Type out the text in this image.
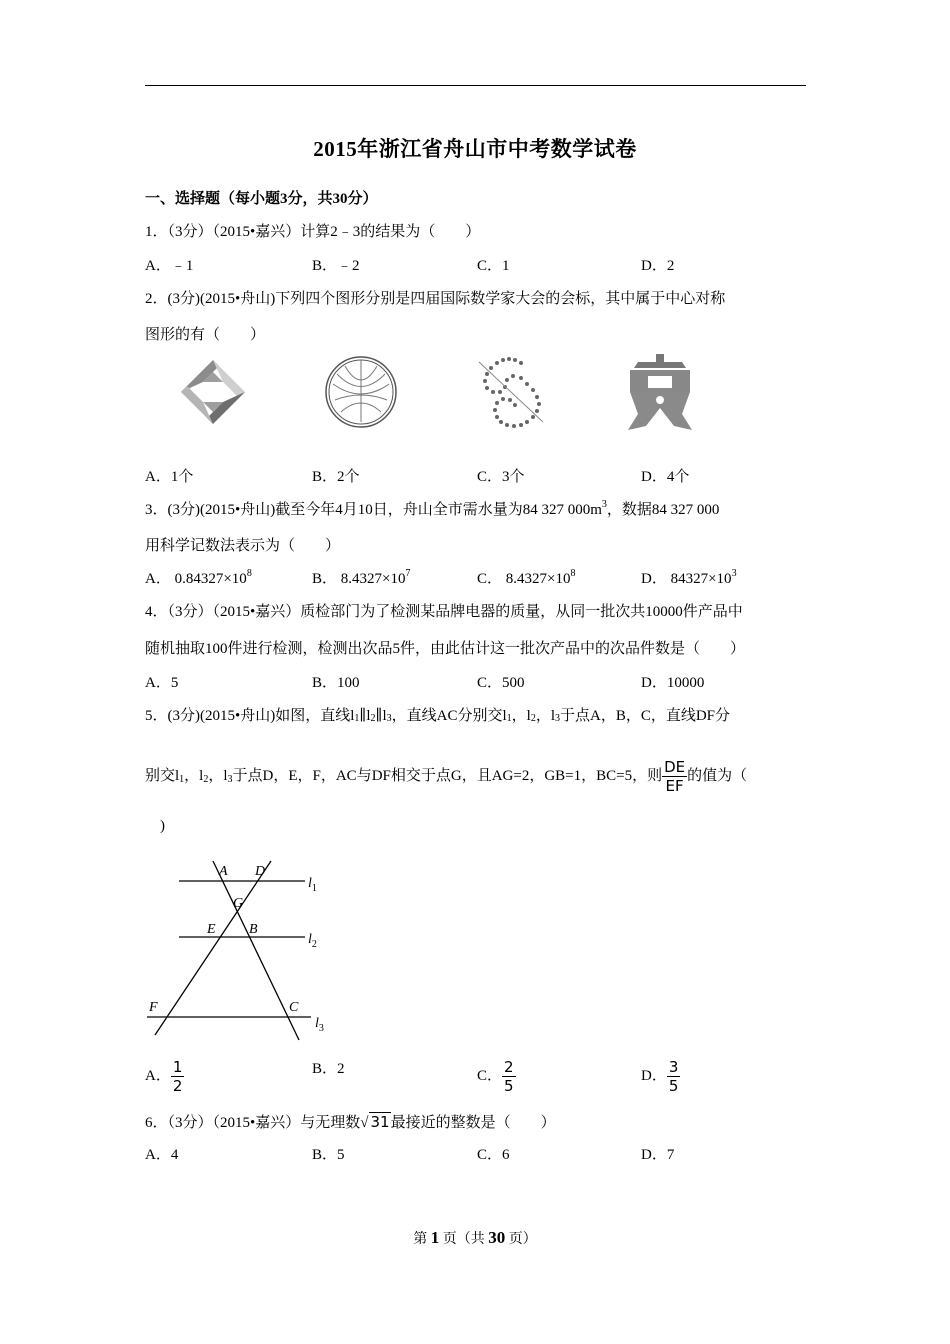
2015年浙江省舟山市中考数学试卷
一、选择题（每小题3分，共30分）
1．（3分）（2015•嘉兴）计算2﹣3的结果为（　　）
A．﹣1	B．﹣2	C．1	D．2
2．(3分)(2015•舟山)下列四个图形分别是四届国际数学家大会的会标，其中属于中心对称
图形的有（　　）
A．1个	B．2个	C．3个	D．4个
3．(3分)(2015•舟山)截至今年4月10日，舟山全市需水量为84 327 $000m^3$，数据84 327 000
用科学记数法表示为（　　）
A． $0.84327\times 10^8$	B． $8.4327\times 10^7$	C． $8.4327\times 10^8$	D． $84327\times 10^3$
4．（3分）（2015•嘉兴）质检部门为了检测某品牌电器的质量，从同一批次共10000件产品中
随机抽取100件进行检测，检测出次品5件，由此估计这一批次产品中的次品件数是（　　）
A．5	B．100	C．500	D．10000
5．(3分)(2015•舟山)如图，直线$l_1\parallel l_2\parallel l_3$，直线AC分别交$l_1$，$l_2$，$l_3$于点A，B，C，直线DF分
别交$l_1$，$l_2$，$l_3$于点D，E，F，AC与DF相交于点G，且AG=2，GB=1，BC=5，则 $\frac{DE}{EF}$ 的值为（
)
A D
G
E B
F	C
$l_1$
$l_2$
$l_3$
A． $\frac{1}{2}$	B．2	C． $\frac{2}{5}$	D． $\frac{3}{5}$
6．（3分）（2015•嘉兴）与无理数√ 31最接近的整数是（　　）
A．4	B．5	C．6	D．7
第 1 页（共 30 页）
